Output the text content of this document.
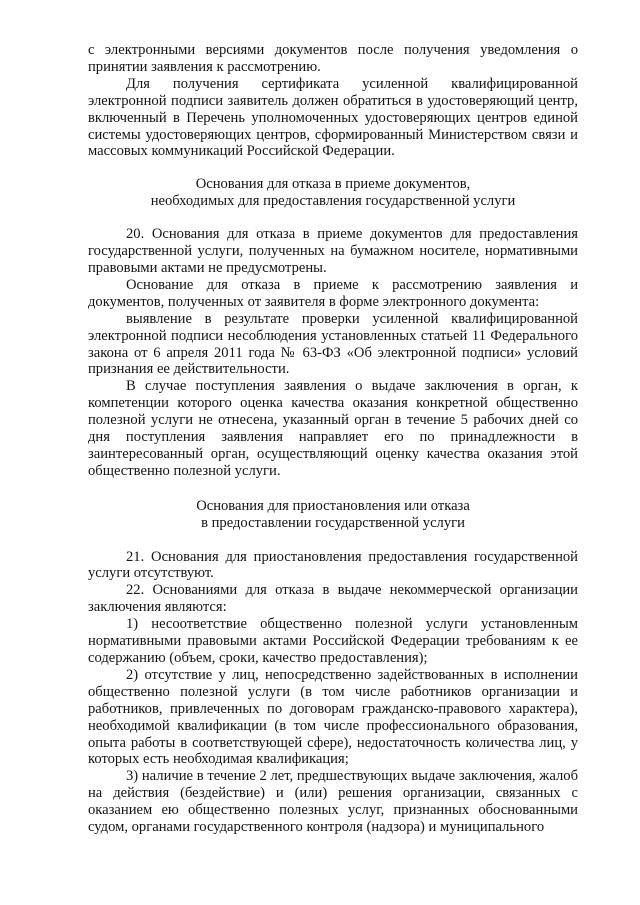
с электронными версиями документов после получения уведомления о принятии заявления к рассмотрению.

Для получения сертификата усиленной квалифицированной электронной подписи заявитель должен обратиться в удостоверяющий центр, включенный в Перечень уполномоченных удостоверяющих центров единой системы удостоверяющих центров, сформированный Министерством связи и массовых коммуникаций Российской Федерации.

Основания для отказа в приеме документов,
необходимых для предоставления государственной услуги

20. Основания для отказа в приеме документов для предоставления государственной услуги, полученных на бумажном носителе, нормативными правовыми актами не предусмотрены.

Основание для отказа в приеме к рассмотрению заявления и документов, полученных от заявителя в форме электронного документа:

выявление в результате проверки усиленной квалифицированной электронной подписи несоблюдения установленных статьей 11 Федерального закона от 6 апреля 2011 года № 63-ФЗ «Об электронной подписи» условий признания ее действительности.

В случае поступления заявления о выдаче заключения в орган, к компетенции которого оценка качества оказания конкретной общественно полезной услуги не отнесена, указанный орган в течение 5 рабочих дней со дня поступления заявления направляет его по принадлежности в заинтересованный орган, осуществляющий оценку качества оказания этой общественно полезной услуги.

Основания для приостановления или отказа
в предоставлении государственной услуги

21. Основания для приостановления предоставления государственной услуги отсутствуют.

22. Основаниями для отказа в выдаче некоммерческой организации заключения являются:

1) несоответствие общественно полезной услуги установленным нормативными правовыми актами Российской Федерации требованиям к ее содержанию (объем, сроки, качество предоставления);

2) отсутствие у лиц, непосредственно задействованных в исполнении общественно полезной услуги (в том числе работников организации и работников, привлеченных по договорам гражданско-правового характера), необходимой квалификации (в том числе профессионального образования, опыта работы в соответствующей сфере), недостаточность количества лиц, у которых есть необходимая квалификация;

3) наличие в течение 2 лет, предшествующих выдаче заключения, жалоб на действия (бездействие) и (или) решения организации, связанных с оказанием ею общественно полезных услуг, признанных обоснованными судом, органами государственного контроля (надзора) и муниципального
